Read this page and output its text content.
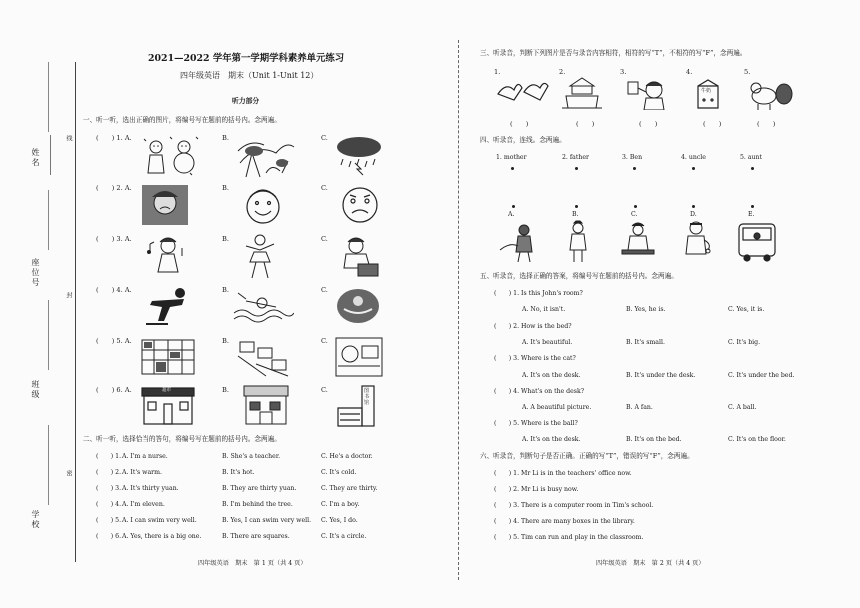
姓名
座位号
班级
学校
线
封
密
2021—2022 学年第一学期学科素养单元练习
四年级英语　期末（Unit 1-Unit 12）
听力部分
一、听一听，选出正确的图片，将编号写在题前的括号内。念两遍。
(　　) 1. A.	B.	C.
(　　) 2. A.	B.	C.
(　　) 3. A.	B.	C.
(　　) 4. A.	B.	C.
(　　) 5. A.	B.	C.
(　　) 6. A.	B.	C.
超市	图书馆
二、听一听，选择恰当的答句，将编号写在题前的括号内。念两遍。
(　　) 1. A. I'm a nurse.	B. She's a teacher.	C. He's a doctor.
(　　) 2. A. It's warm.	B. It's hot.	C. It's cold.
(　　) 3. A. It's thirty yuan.	B. They are thirty yuan.	C. They are thirty.
(　　) 4. A. I'm eleven.	B. I'm behind the tree.	C. I'm a boy.
(　　) 5. A. I can swim very well.	B. Yes, I can swim very well. C. Yes, I do.
(　　) 6. A. Yes, there is a big one.	B. There are squares.	C. It's a circle.
四年级英语　期末　第 1 页（共 4 页）
三、听录音，判断下列图片是否与录音内容相符，相符的写“T”，不相符的写“F”，念两遍。
1.	2.	3.	4.	5.
牛奶
(　　)	(　　)	(　　)	(　　)	(　　)
四、听录音，连线。念两遍。
1. mother	2. father	3. Ben	4. uncle	5. aunt
A.	B.	C.	D.	E.
五、听录音，选择正确的答案，将编号写在题前的括号内。念两遍。
(　　) 1. Is this John's room?
A. No, it isn't.	B. Yes, he is.	C. Yes, it is.
(　　) 2. How is the bed?
A. It's beautiful.	B. It's small.	C. It's big.
(　　) 3. Where is the cat?
A. It's on the desk.	B. It's under the desk.	C. It's under the bed.
(　　) 4. What's on the desk?
A. A beautiful picture.	B. A fan.	C. A ball.
(　　) 5. Where is the ball?
A. It's on the desk.	B. It's on the bed.	C. It's on the floor.
六、听录音，判断句子是否正确。正确的写“T”，错误的写“F”，念两遍。
(　　) 1. Mr Li is in the teachers' office now.
(　　) 2. Mr Li is busy now.
(　　) 3. There is a computer room in Tim's school.
(　　) 4. There are many boxes in the library.
(　　) 5. Tim can run and play in the classroom.
四年级英语　期末　第 2 页（共 4 页）
